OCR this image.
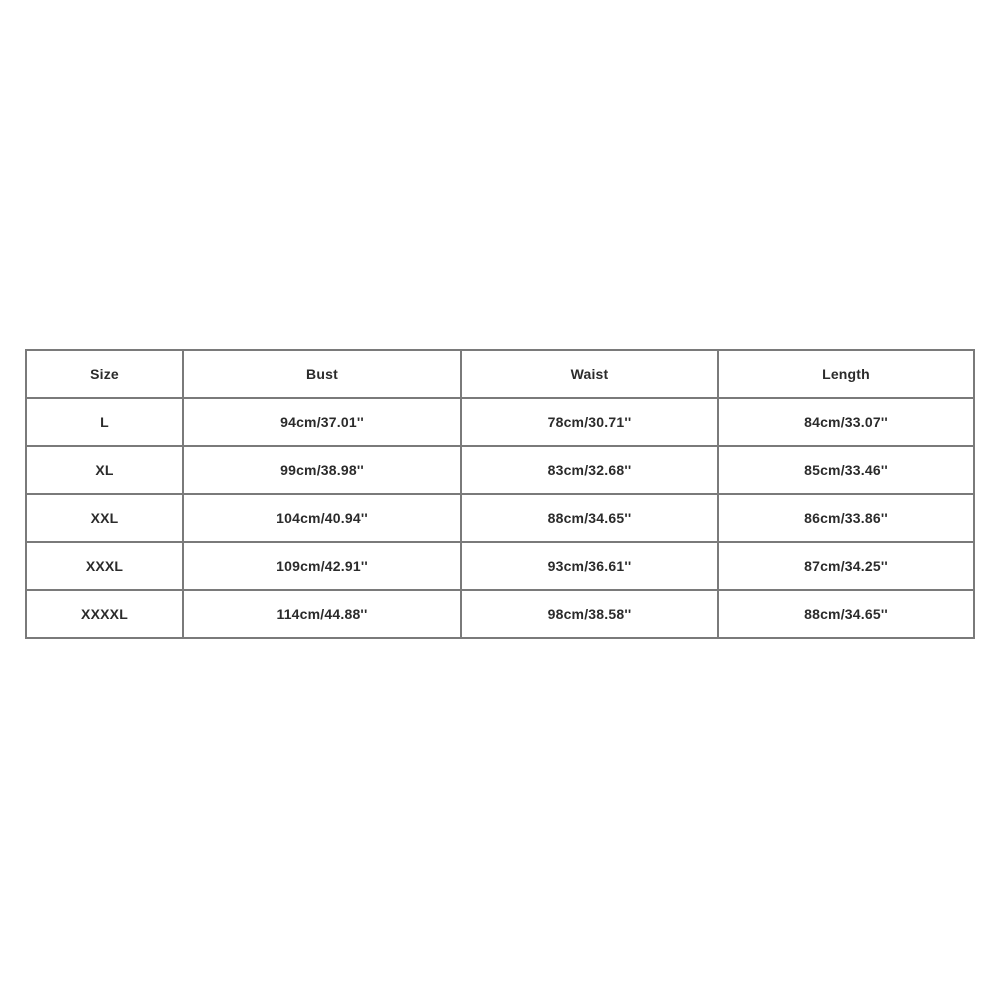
Size	Bust	Waist	Length
L	94cm/37.01''	78cm/30.71''	84cm/33.07''
XL	99cm/38.98''	83cm/32.68''	85cm/33.46''
XXL	104cm/40.94''	88cm/34.65''	86cm/33.86''
XXXL	109cm/42.91''	93cm/36.61''	87cm/34.25''
XXXXL	114cm/44.88''	98cm/38.58''	88cm/34.65''
